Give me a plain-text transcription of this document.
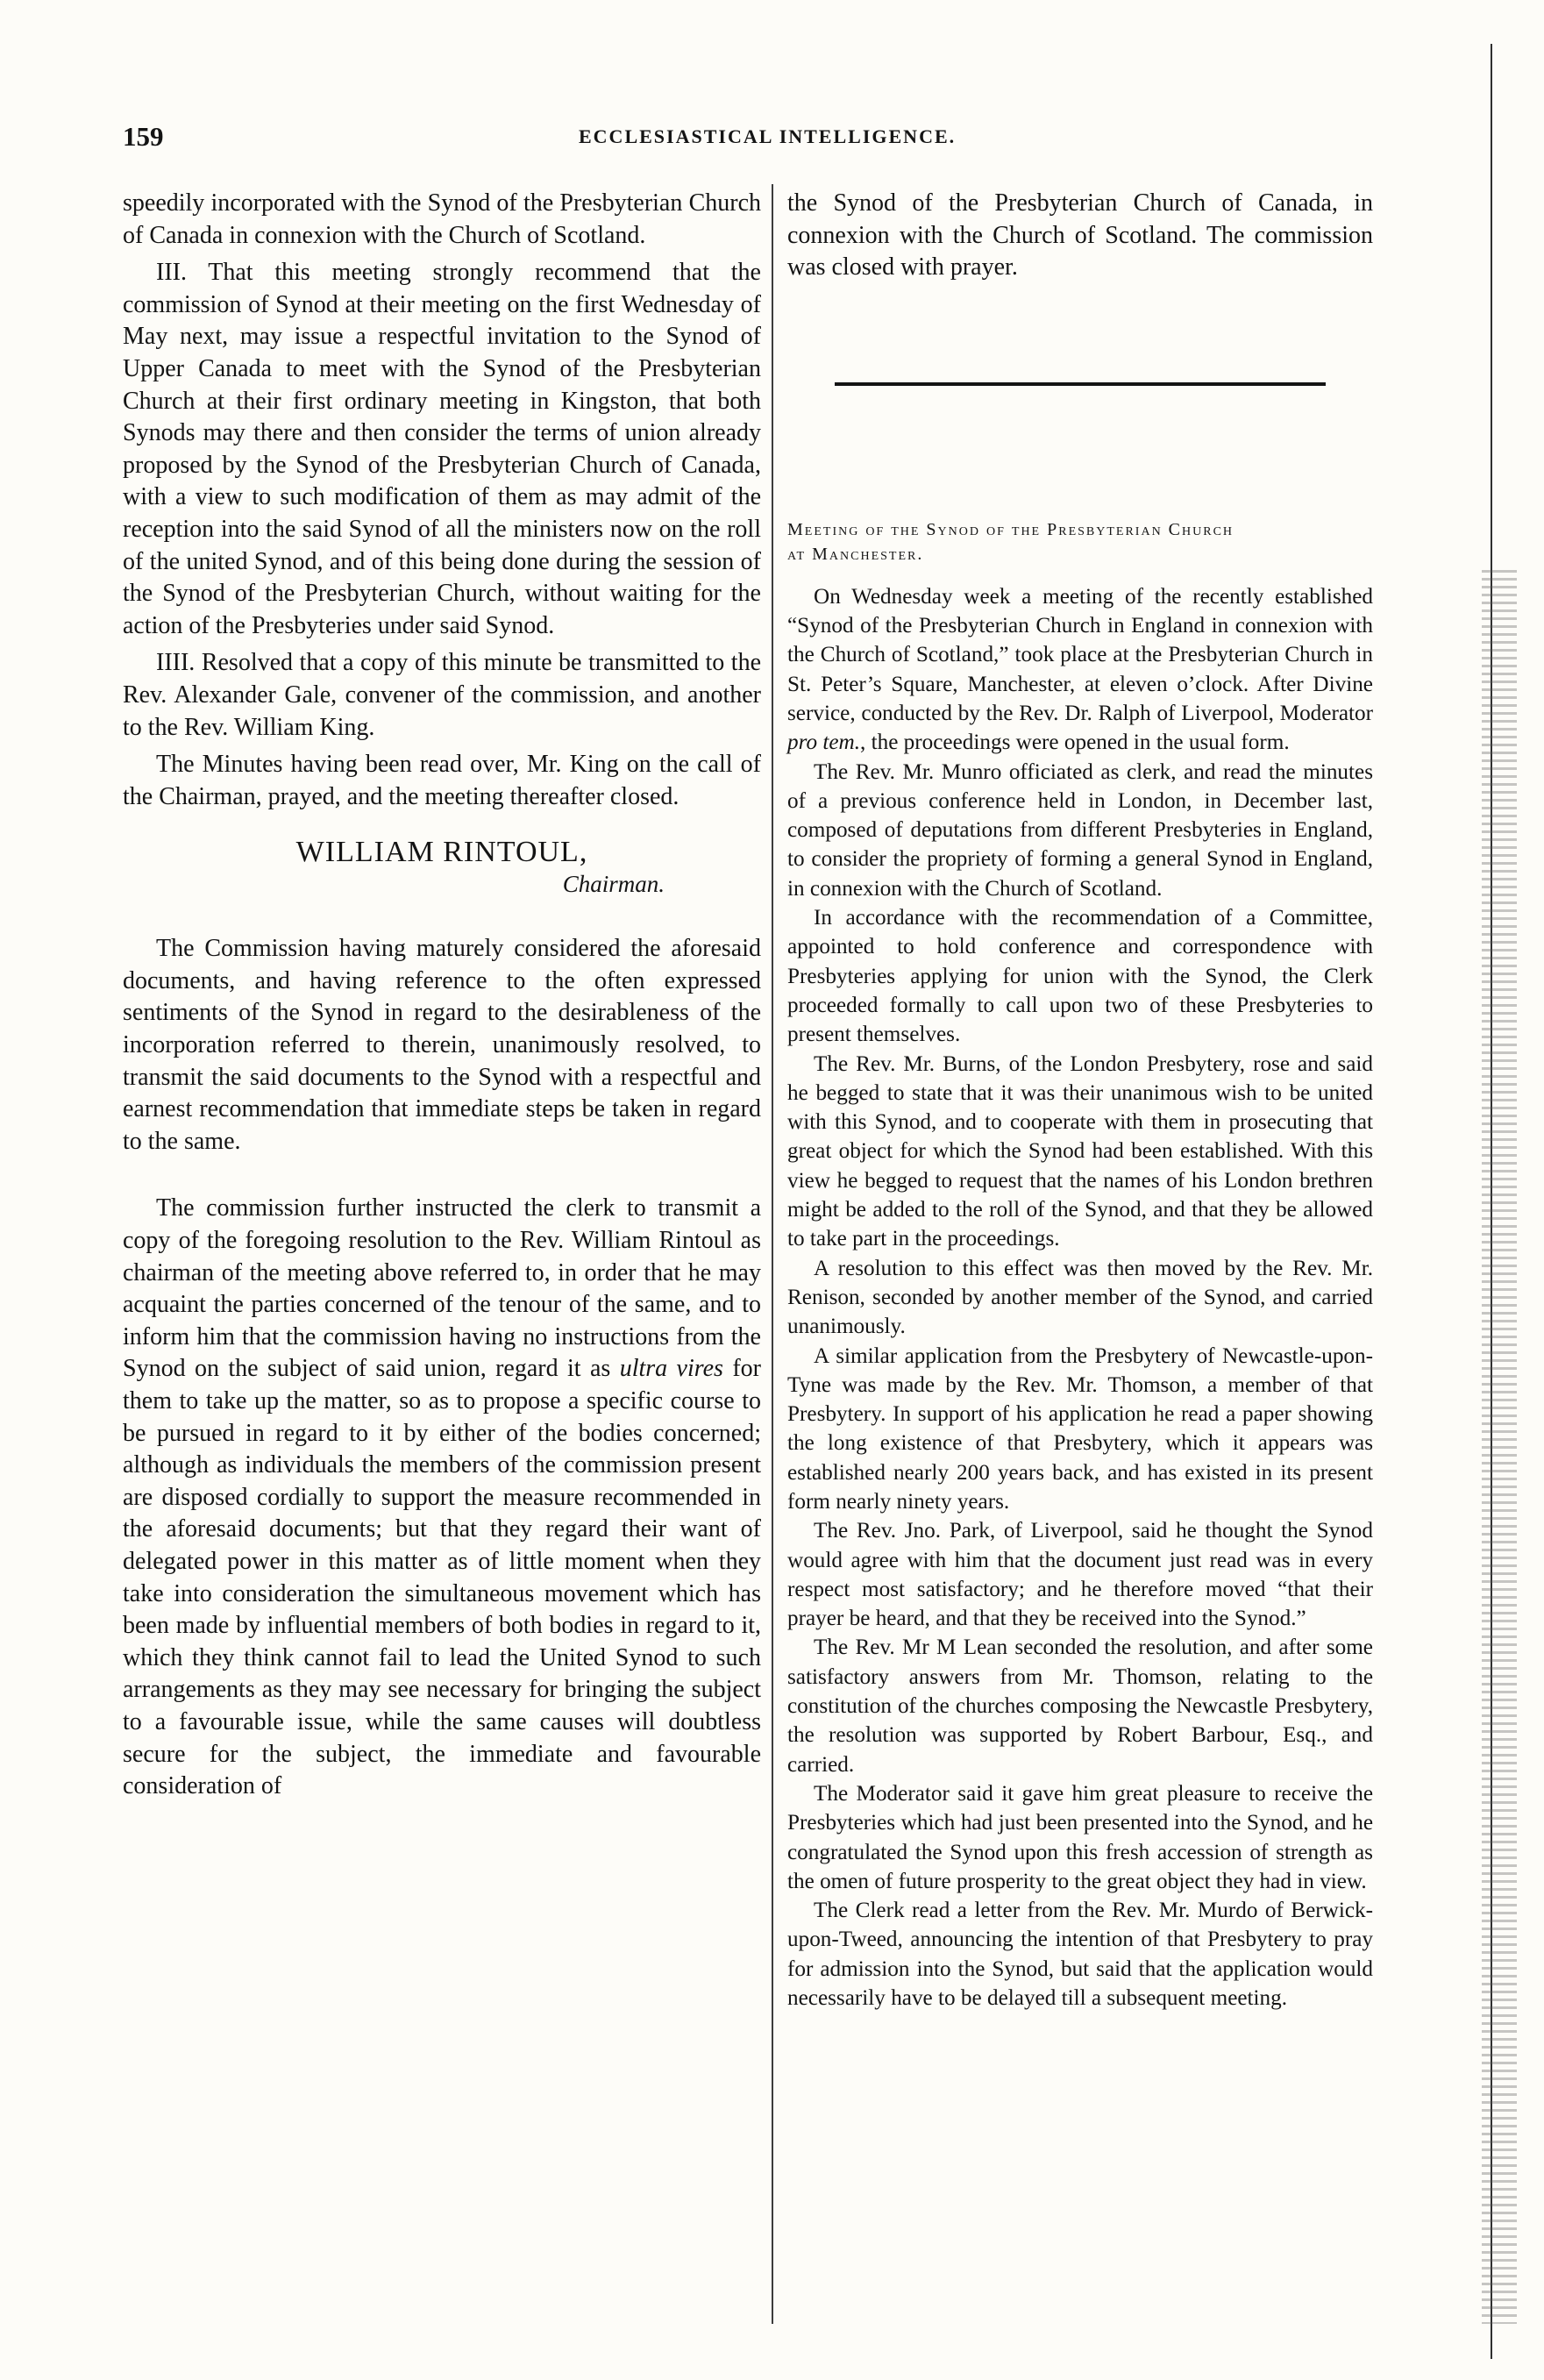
159	ECCLESIASTICAL INTELLIGENCE.

speedily incorporated with the Synod of the Presbyterian Church of Canada in connexion with the Church of Scotland.

III. That this meeting strongly recommend that the commission of Synod at their meeting on the first Wednesday of May next, may issue a respectful invitation to the Synod of Upper Canada to meet with the Synod of the Presbyterian Church at their first ordinary meeting in Kingston, that both Synods may there and then consider the terms of union already proposed by the Synod of the Presbyterian Church of Canada, with a view to such modification of them as may admit of the reception into the said Synod of all the ministers now on the roll of the united Synod, and of this being done during the session of the Synod of the Presbyterian Church, without waiting for the action of the Presbyteries under said Synod.

IIII. Resolved that a copy of this minute be transmitted to the Rev. Alexander Gale, convener of the commission, and another to the Rev. William King.

The Minutes having been read over, Mr. King on the call of the Chairman, prayed, and the meeting thereafter closed.

WILLIAM RINTOUL,
Chairman.

The Commission having maturely considered the aforesaid documents, and having reference to the often expressed sentiments of the Synod in regard to the desirableness of the incorporation referred to therein, unanimously resolved, to transmit the said documents to the Synod with a respectful and earnest recommendation that immediate steps be taken in regard to the same.

The commission further instructed the clerk to transmit a copy of the foregoing resolution to the Rev. William Rintoul as chairman of the meeting above referred to, in order that he may acquaint the parties concerned of the tenour of the same, and to inform him that the commission having no instructions from the Synod on the subject of said union, regard it as ultra vires for them to take up the matter, so as to propose a specific course to be pursued in regard to it by either of the bodies concerned; although as individuals the members of the commission present are disposed cordially to support the measure recommended in the aforesaid documents; but that they regard their want of delegated power in this matter as of little moment when they take into consideration the simultaneous movement which has been made by influential members of both bodies in regard to it, which they think cannot fail to lead the United Synod to such arrangements as they may see necessary for bringing the subject to a favourable issue, while the same causes will doubtless secure for the subject, the immediate and favourable consideration of

the Synod of the Presbyterian Church of Canada, in connexion with the Church of Scotland. The commission was closed with prayer.

Meeting of the Synod of the Presbyterian Church
at Manchester.

On Wednesday week a meeting of the recently established “Synod of the Presbyterian Church in England in connexion with the Church of Scotland,” took place at the Presbyterian Church in St. Peter’s Square, Manchester, at eleven o’clock. After Divine service, conducted by the Rev. Dr. Ralph of Liverpool, Moderator pro tem., the proceedings were opened in the usual form.

The Rev. Mr. Munro officiated as clerk, and read the minutes of a previous conference held in London, in December last, composed of deputations from different Presbyteries in England, to consider the propriety of forming a general Synod in England, in connexion with the Church of Scotland.

In accordance with the recommendation of a Committee, appointed to hold conference and correspondence with Presbyteries applying for union with the Synod, the Clerk proceeded formally to call upon two of these Presbyteries to present themselves.

The Rev. Mr. Burns, of the London Presbytery, rose and said he begged to state that it was their unanimous wish to be united with this Synod, and to cooperate with them in prosecuting that great object for which the Synod had been established. With this view he begged to request that the names of his London brethren might be added to the roll of the Synod, and that they be allowed to take part in the proceedings.

A resolution to this effect was then moved by the Rev. Mr. Renison, seconded by another member of the Synod, and carried unanimously.

A similar application from the Presbytery of Newcastle-upon-Tyne was made by the Rev. Mr. Thomson, a member of that Presbytery. In support of his application he read a paper showing the long existence of that Presbytery, which it appears was established nearly 200 years back, and has existed in its present form nearly ninety years.

The Rev. Jno. Park, of Liverpool, said he thought the Synod would agree with him that the document just read was in every respect most satisfactory; and he therefore moved “that their prayer be heard, and that they be received into the Synod.”

The Rev. Mr M Lean seconded the resolution, and after some satisfactory answers from Mr. Thomson, relating to the constitution of the churches composing the Newcastle Presbytery, the resolution was supported by Robert Barbour, Esq., and carried.

The Moderator said it gave him great pleasure to receive the Presbyteries which had just been presented into the Synod, and he congratulated the Synod upon this fresh accession of strength as the omen of future prosperity to the great object they had in view.

The Clerk read a letter from the Rev. Mr. Murdo of Berwick-upon-Tweed, announcing the intention of that Presbytery to pray for admission into the Synod, but said that the application would necessarily have to be delayed till a subsequent meeting.
